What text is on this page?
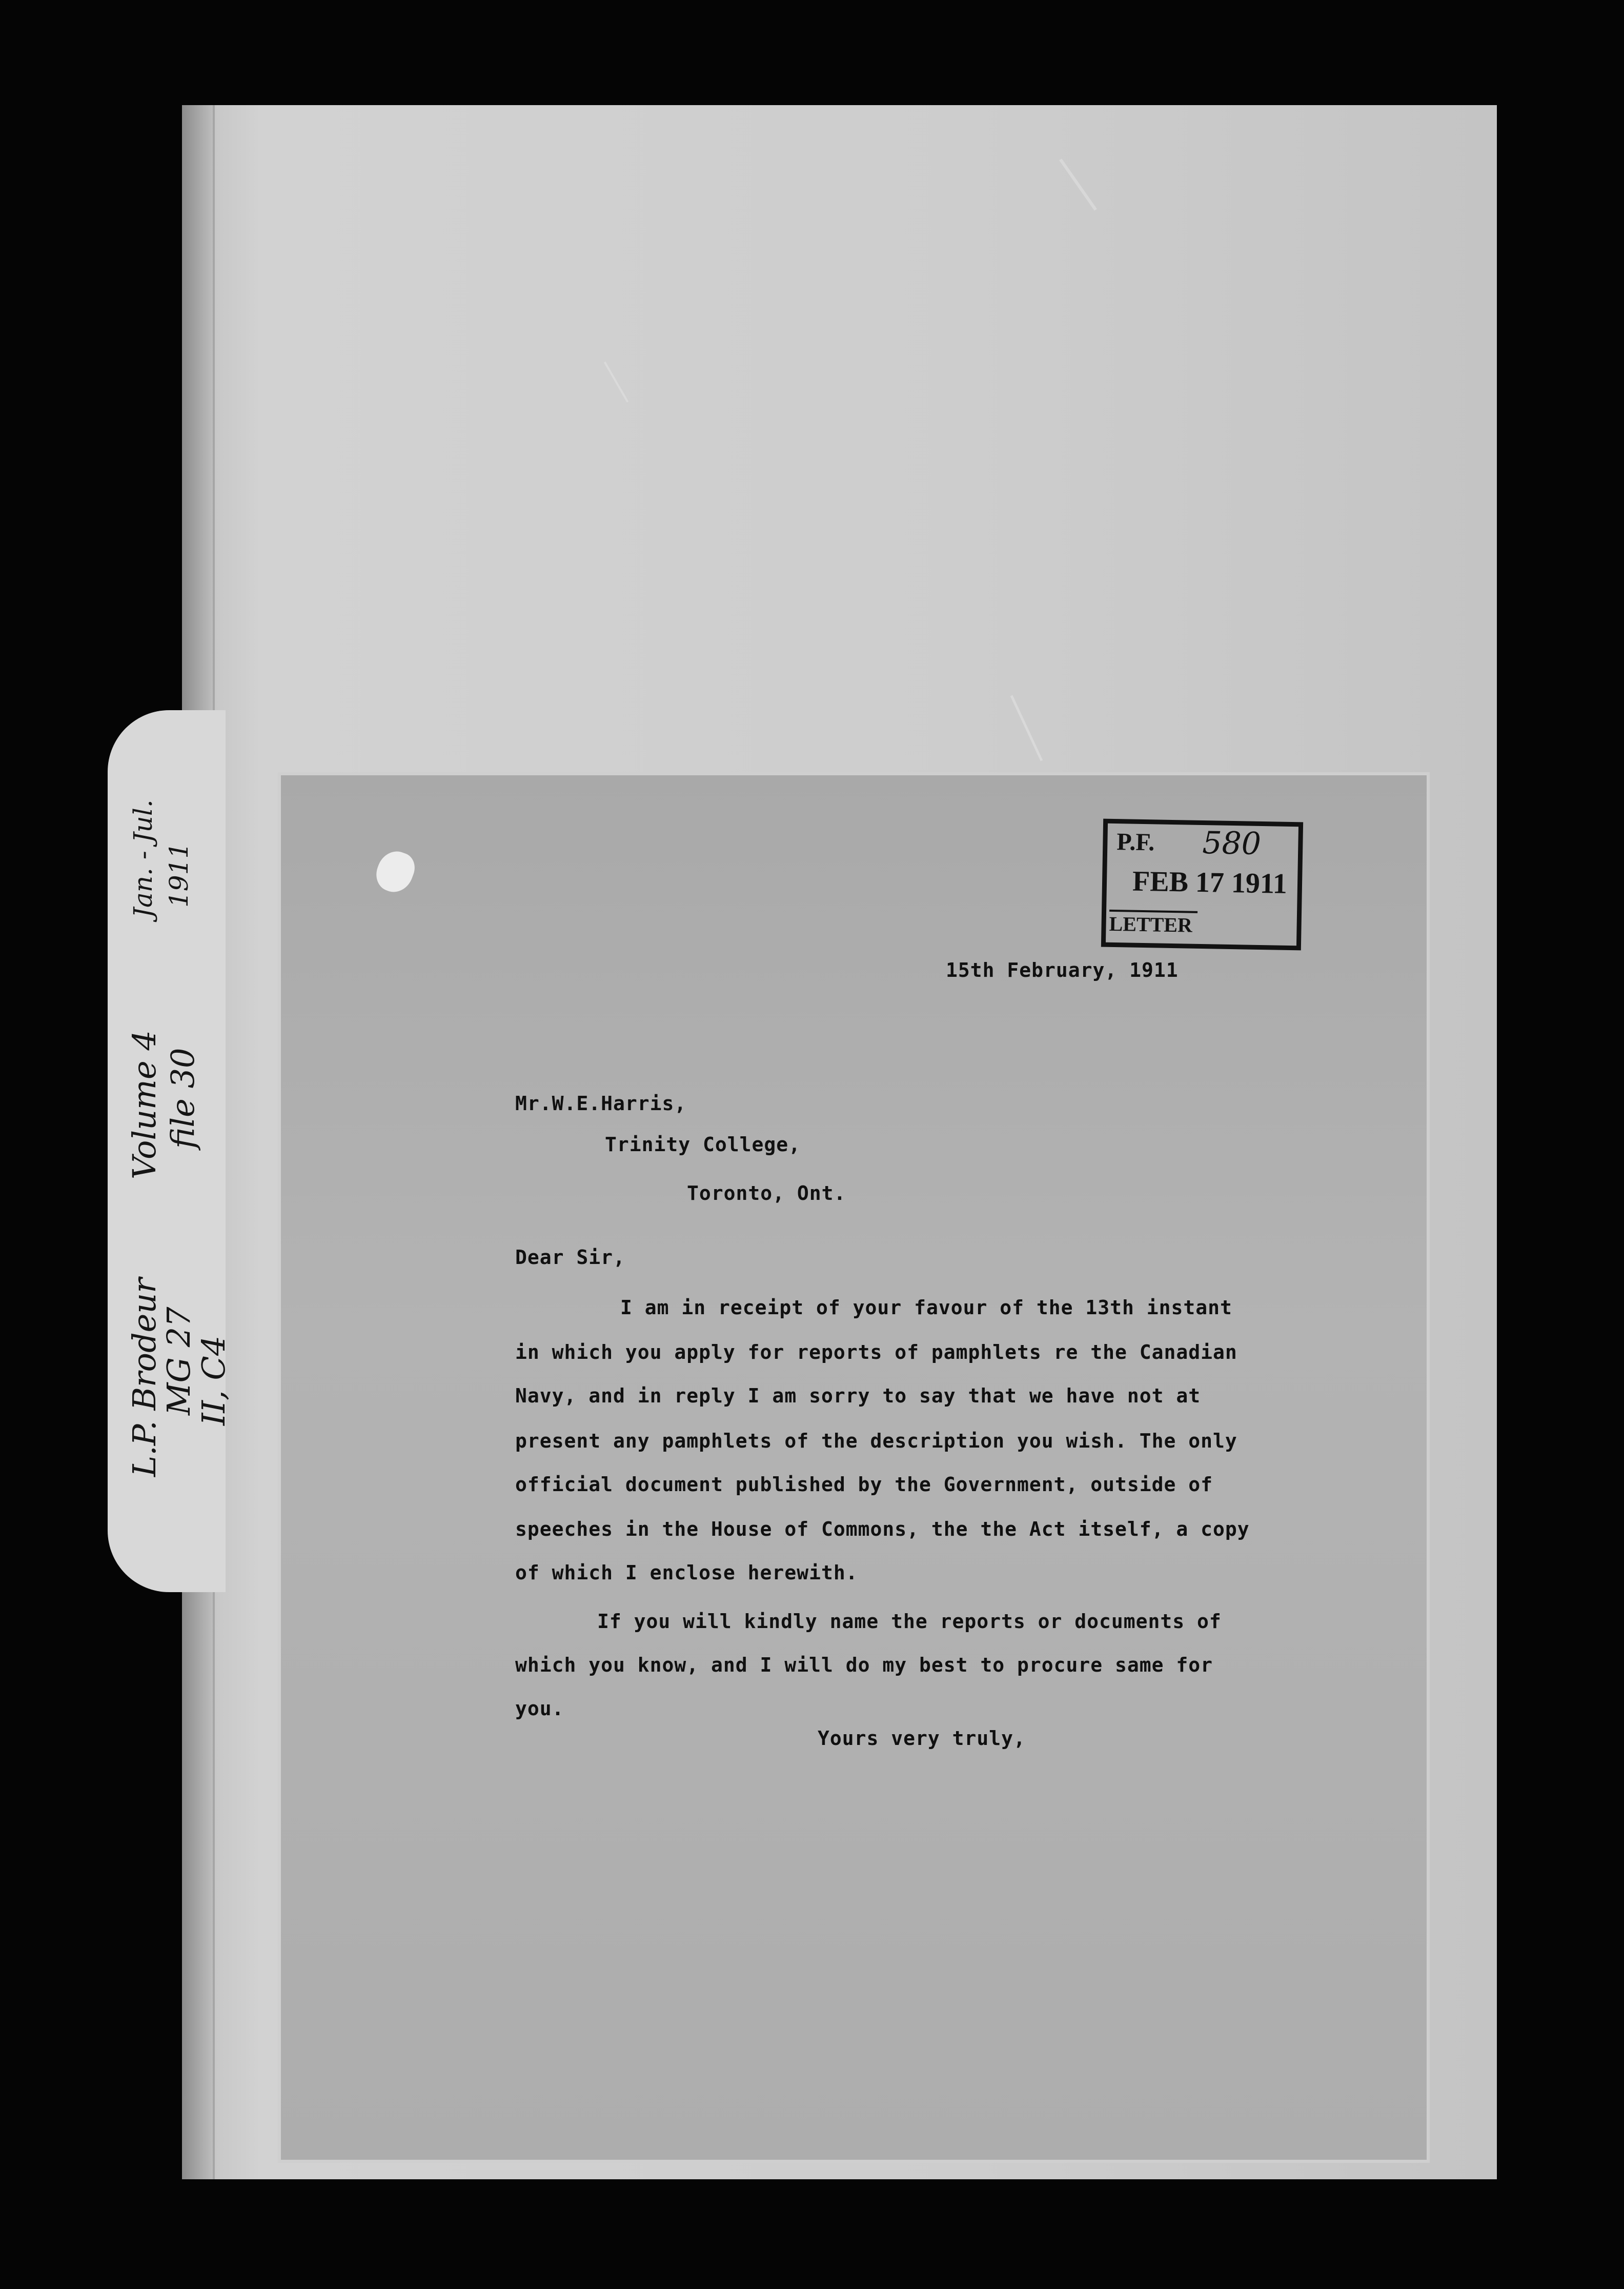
L.P. Brodeur
MG 27
II, C4
Volume 4 file 30
Jan. - Jul. 1911
P.F. 580
FEB 17 1911
LETTER
15th February, 1911
Mr.W.E.Harris,
Trinity College,
Toronto, Ont.
Dear Sir,
I am in receipt of your favour of the 13th instant
in which you apply for reports of pamphlets re the Canadian
Navy, and in reply I am sorry to say that we have not at
present any pamphlets of the description you wish. The only
official document published by the Government, outside of
speeches in the House of Commons, the the Act itself, a copy
of which I enclose herewith.
If you will kindly name the reports or documents of
which you know, and I will do my best to procure same for
you.
Yours very truly,
